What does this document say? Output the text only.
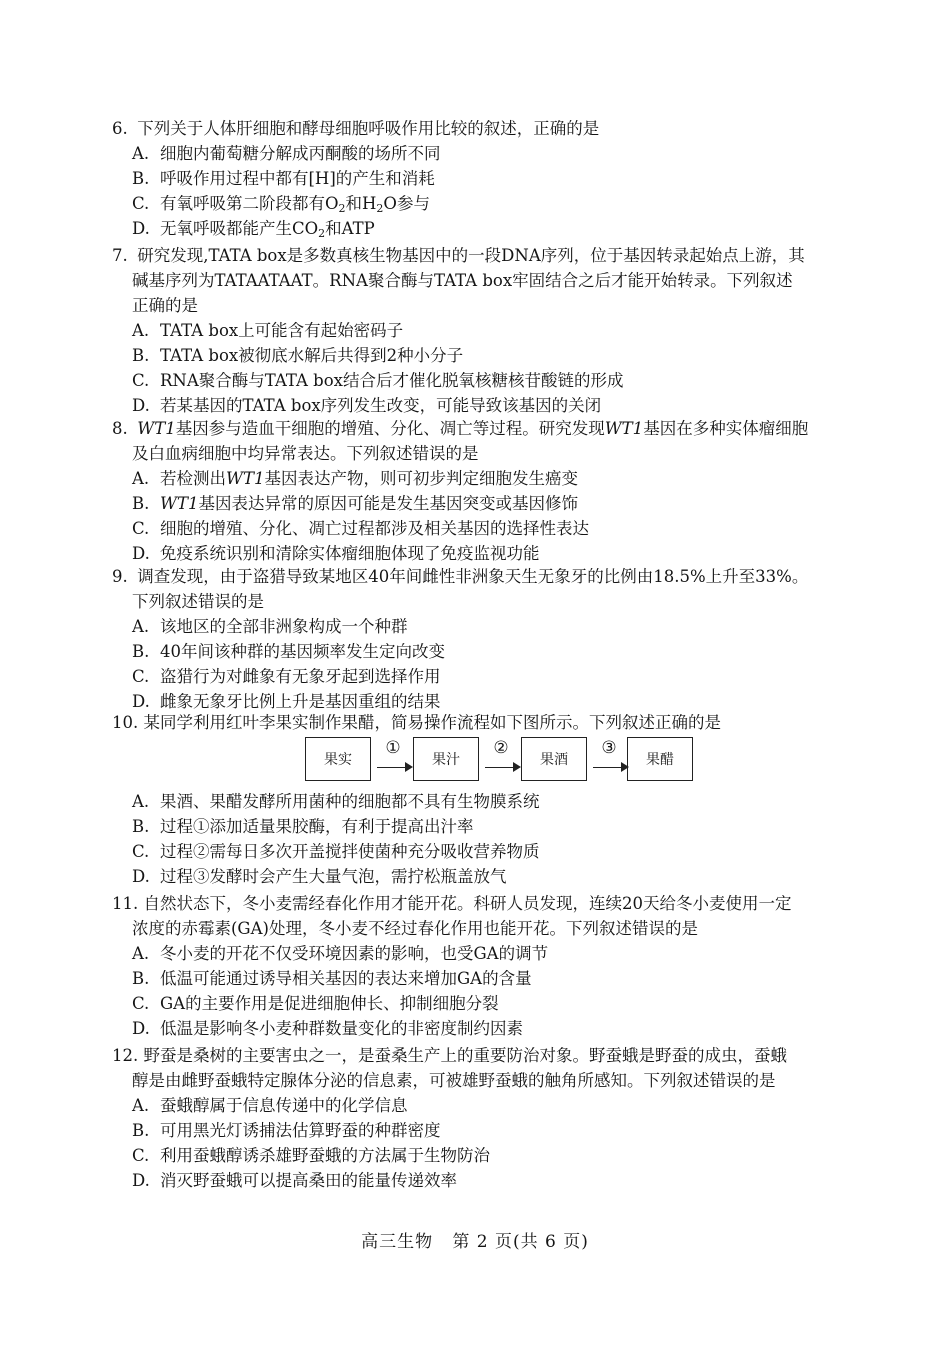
6. 下列关于人体肝细胞和酵母细胞呼吸作用比较的叙述，正确的是

A. 细胞内葡萄糖分解成丙酮酸的场所不同

B. 呼吸作用过程中都有[H]的产生和消耗

C. 有氧呼吸第二阶段都有$O_2$和$H_2O$参与

D. 无氧呼吸都能产生$CO_2$和ATP

7. 研究发现,TATA box是多数真核生物基因中的一段DNA序列，位于基因转录起始点上游，其

碱基序列为TATAATAAT。RNA聚合酶与TATA box牢固结合之后才能开始转录。下列叙述

正确的是

A. TATA box上可能含有起始密码子

B. TATA box被彻底水解后共得到2种小分子

C. RNA聚合酶与TATA box结合后才催化脱氧核糖核苷酸链的形成

D. 若某基因的TATA box序列发生改变，可能导致该基因的关闭

8. WT1基因参与造血干细胞的增殖、分化、凋亡等过程。研究发现WT1基因在多种实体瘤细胞

及白血病细胞中均异常表达。下列叙述错误的是

A. 若检测出WT1基因表达产物，则可初步判定细胞发生癌变

B. WT1基因表达异常的原因可能是发生基因突变或基因修饰

C. 细胞的增殖、分化、凋亡过程都涉及相关基因的选择性表达

D. 免疫系统识别和清除实体瘤细胞体现了免疫监视功能

9. 调查发现，由于盗猎导致某地区40年间雌性非洲象天生无象牙的比例由18.5%上升至33%。

下列叙述错误的是

A. 该地区的全部非洲象构成一个种群

B. 40年间该种群的基因频率发生定向改变

C. 盗猎行为对雌象有无象牙起到选择作用

D. 雌象无象牙比例上升是基因重组的结果

10. 某同学利用红叶李果实制作果醋，简易操作流程如下图所示。下列叙述正确的是

果实
①
果汁
②
果酒
③
果醋

A. 果酒、果醋发酵所用菌种的细胞都不具有生物膜系统

B. 过程①添加适量果胶酶，有利于提高出汁率

C. 过程②需每日多次开盖搅拌使菌种充分吸收营养物质

D. 过程③发酵时会产生大量气泡，需拧松瓶盖放气

11. 自然状态下，冬小麦需经春化作用才能开花。科研人员发现，连续20天给冬小麦使用一定

浓度的赤霉素(GA)处理，冬小麦不经过春化作用也能开花。下列叙述错误的是

A. 冬小麦的开花不仅受环境因素的影响，也受GA的调节

B. 低温可能通过诱导相关基因的表达来增加GA的含量

C. GA的主要作用是促进细胞伸长、抑制细胞分裂

D. 低温是影响冬小麦种群数量变化的非密度制约因素

12. 野蚕是桑树的主要害虫之一，是蚕桑生产上的重要防治对象。野蚕蛾是野蚕的成虫，蚕蛾

醇是由雌野蚕蛾特定腺体分泌的信息素，可被雄野蚕蛾的触角所感知。下列叙述错误的是

A. 蚕蛾醇属于信息传递中的化学信息

B. 可用黑光灯诱捕法估算野蚕的种群密度

C. 利用蚕蛾醇诱杀雄野蚕蛾的方法属于生物防治

D. 消灭野蚕蛾可以提高桑田的能量传递效率

高三生物 第 2 页(共 6 页)
